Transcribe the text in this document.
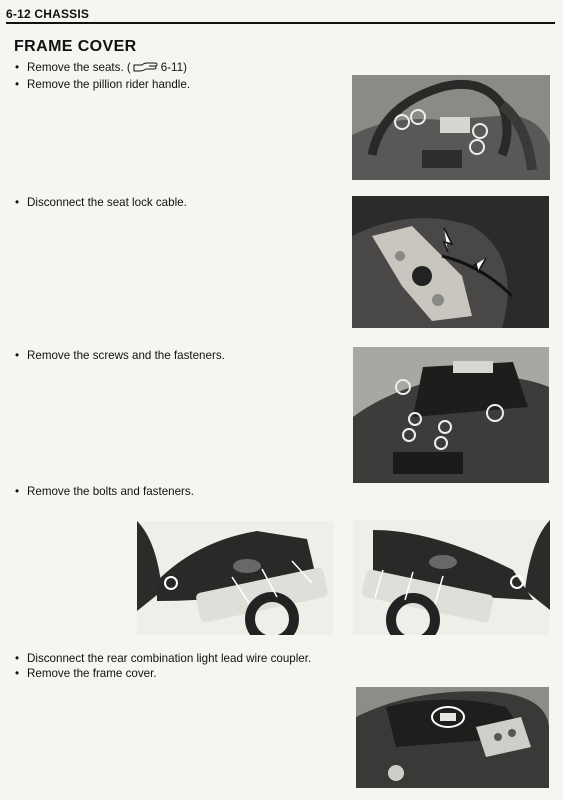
6-12 CHASSIS
FRAME COVER
• Remove the seats. (	6-11)
• Remove the pillion rider handle.
• Disconnect the seat lock cable.
• Remove the screws and the fasteners.
• Remove the bolts and fasteners.
• Disconnect the rear combination light lead wire coupler.
• Remove the frame cover.
